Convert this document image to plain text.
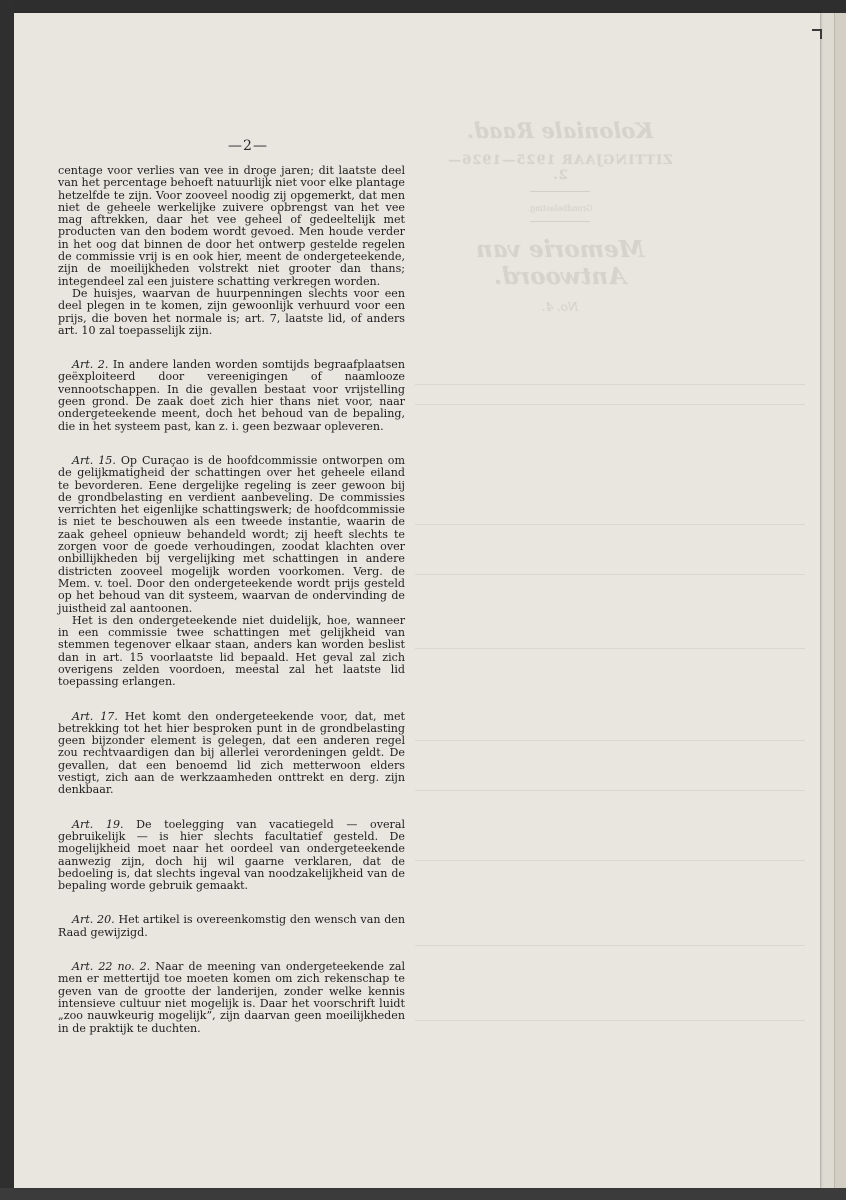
Koloniale Raad.
ZITTINGJAAR 1925—1926—2.
Grondbelasting.
Memorie van Antwoord.
No. 4.
—2—

centage voor verlies van vee in droge jaren; dit laatste deel van het percentage behoeft natuurlijk niet voor elke plantage hetzelfde te zijn. Voor zooveel noodig zij opgemerkt, dat men niet de geheele werkelijke zuivere opbrengst van het vee mag aftrekken, daar het vee geheel of gedeeltelijk met producten van den bodem wordt gevoed. Men houde verder in het oog dat binnen de door het ontwerp gestelde regelen de commissie vrij is en ook hier, meent de ondergeteekende, zijn de moeilijkheden volstrekt niet grooter dan thans; integendeel zal een juistere schatting verkregen worden.

De huisjes, waarvan de huurpenningen slechts voor een deel plegen in te komen, zijn gewoonlijk verhuurd voor een prijs, die boven het normale is; art. 7, laatste lid, of anders art. 10 zal toepasselijk zijn.

Art. 2. In andere landen worden somtijds begraafplaatsen geëxploiteerd door vereenigingen of naamlooze vennootschappen. In die gevallen bestaat voor vrijstelling geen grond. De zaak doet zich hier thans niet voor, naar ondergeteekende meent, doch het behoud van de bepaling, die in het systeem past, kan z. i. geen bezwaar opleveren.

Art. 15. Op Curaçao is de hoofdcommissie ontworpen om de gelijkmatigheid der schattingen over het geheele eiland te bevorderen. Eene dergelijke regeling is zeer gewoon bij de grondbelasting en verdient aanbeveling. De commissies verrichten het eigenlijke schattingswerk; de hoofdcommissie is niet te beschouwen als een tweede instantie, waarin de zaak geheel opnieuw behandeld wordt; zij heeft slechts te zorgen voor de goede verhoudingen, zoodat klachten over onbillijkheden bij vergelijking met schattingen in andere districten zooveel mogelijk worden voorkomen. Verg. de Mem. v. toel. Door den ondergeteekende wordt prijs gesteld op het behoud van dit systeem, waarvan de ondervinding de juistheid zal aantoonen.

Het is den ondergeteekende niet duidelijk, hoe, wanneer in een commissie twee schattingen met gelijkheid van stemmen tegenover elkaar staan, anders kan worden beslist dan in art. 15 voorlaatste lid bepaald. Het geval zal zich overigens zelden voordoen, meestal zal het laatste lid toepassing erlangen.

Art. 17. Het komt den ondergeteekende voor, dat, met betrekking tot het hier besproken punt in de grondbelasting geen bijzonder element is gelegen, dat een anderen regel zou rechtvaardigen dan bij allerlei verordeningen geldt. De gevallen, dat een benoemd lid zich metterwoon elders vestigt, zich aan de werkzaamheden onttrekt en derg. zijn denkbaar.

Art. 19. De toelegging van vacatiegeld — overal gebruikelijk — is hier slechts facultatief gesteld. De mogelijkheid moet naar het oordeel van ondergeteekende aanwezig zijn, doch hij wil gaarne verklaren, dat de bedoeling is, dat slechts ingeval van noodzakelijkheid van de bepaling worde gebruik gemaakt.

Art. 20. Het artikel is overeenkomstig den wensch van den Raad gewijzigd.

Art. 22 no. 2. Naar de meening van ondergeteekende zal men er mettertijd toe moeten komen om zich rekenschap te geven van de grootte der landerijen, zonder welke kennis intensieve cultuur niet mogelijk is. Daar het voorschrift luidt „zoo nauwkeurig mogelijk”, zijn daarvan geen moeilijkheden in de praktijk te duchten.
